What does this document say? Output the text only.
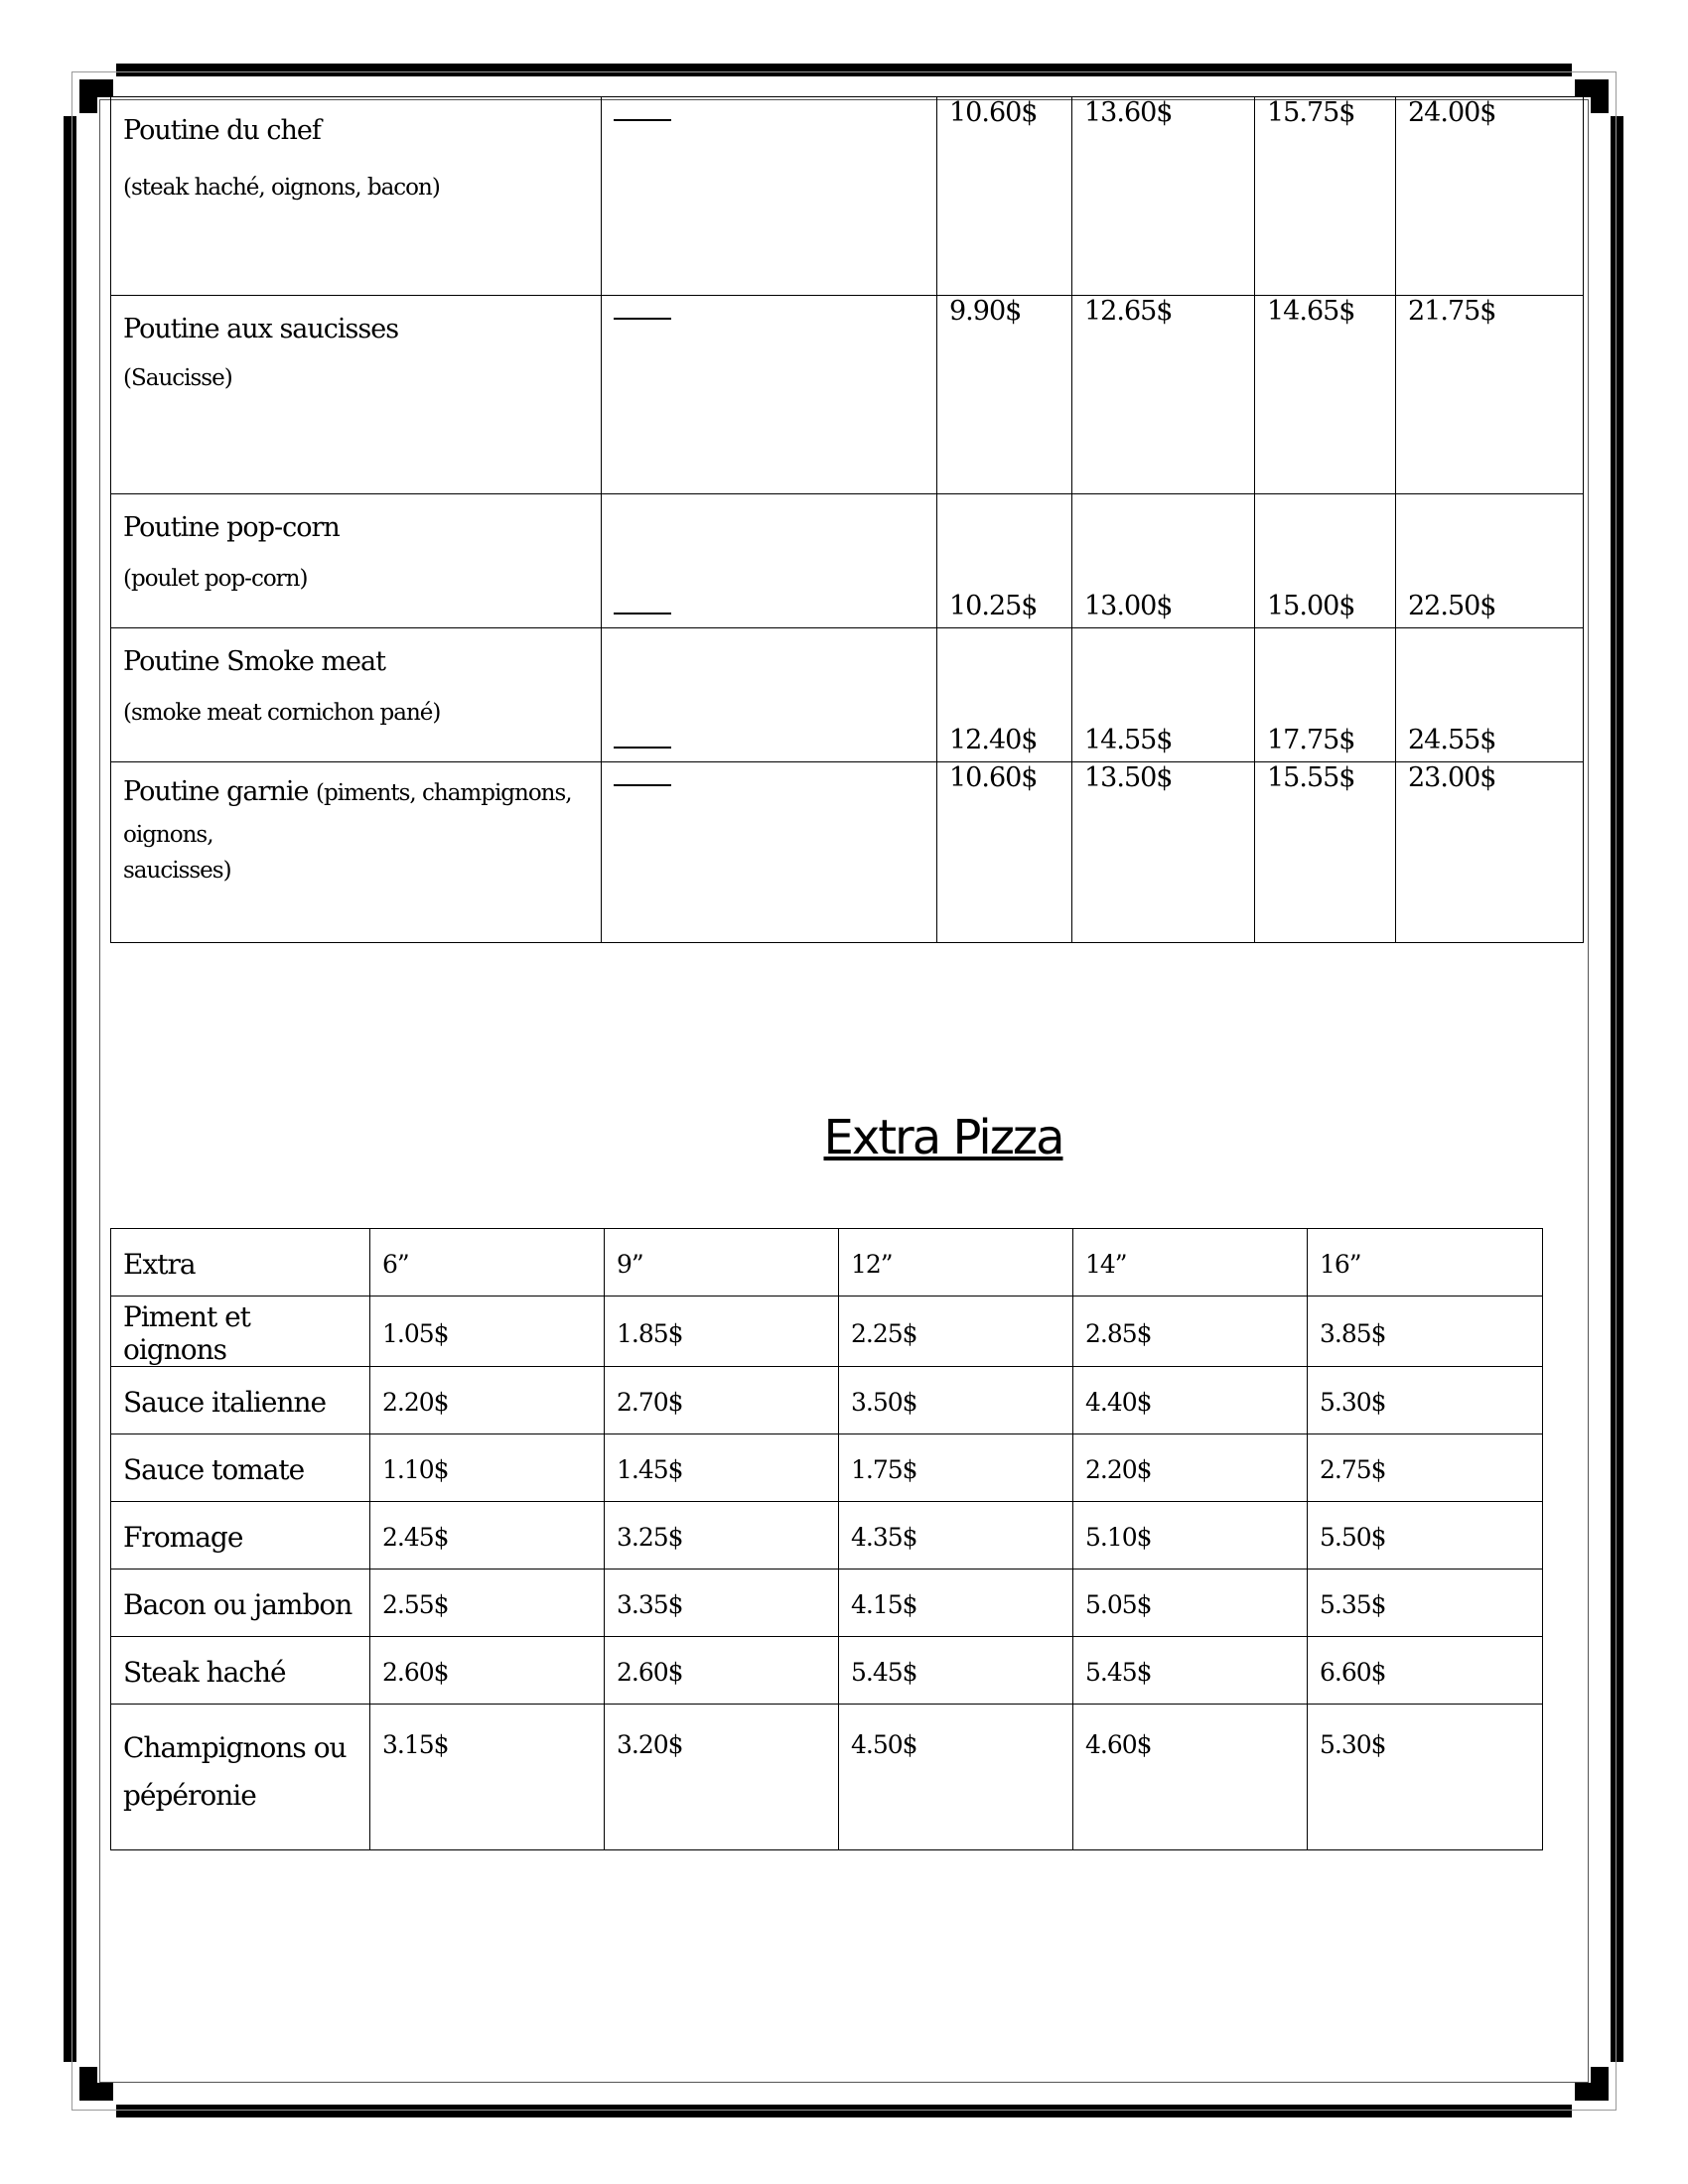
Poutine du chef
(steak haché, oignons, bacon)		10.60$	13.60$	15.75$	24.00$

Poutine aux saucisses
(Saucisse)		9.90$	12.65$	14.65$	21.75$

Poutine pop-corn
(poulet pop-corn)		10.25$	13.00$	15.00$	22.50$

Poutine Smoke meat
(smoke meat cornichon pané)		12.40$	14.55$	17.75$	24.55$
Poutine garnie (piments, champignons,
oignons,
saucisses)		10.60$	13.50$	15.55$	23.00$
Extra Pizza
Extra	6”	9”	12”	14”	16”
Piment et oignons	1.05$	1.85$	2.25$	2.85$	3.85$
Sauce italienne	2.20$	2.70$	3.50$	4.40$	5.30$
Sauce tomate	1.10$	1.45$	1.75$	2.20$	2.75$
Fromage	2.45$	3.25$	4.35$	5.10$	5.50$
Bacon ou jambon	2.55$	3.35$	4.15$	5.05$	5.35$
Steak haché	2.60$	2.60$	5.45$	5.45$	6.60$
Champignons ou
pépéronie	3.15$	3.20$	4.50$	4.60$	5.30$
